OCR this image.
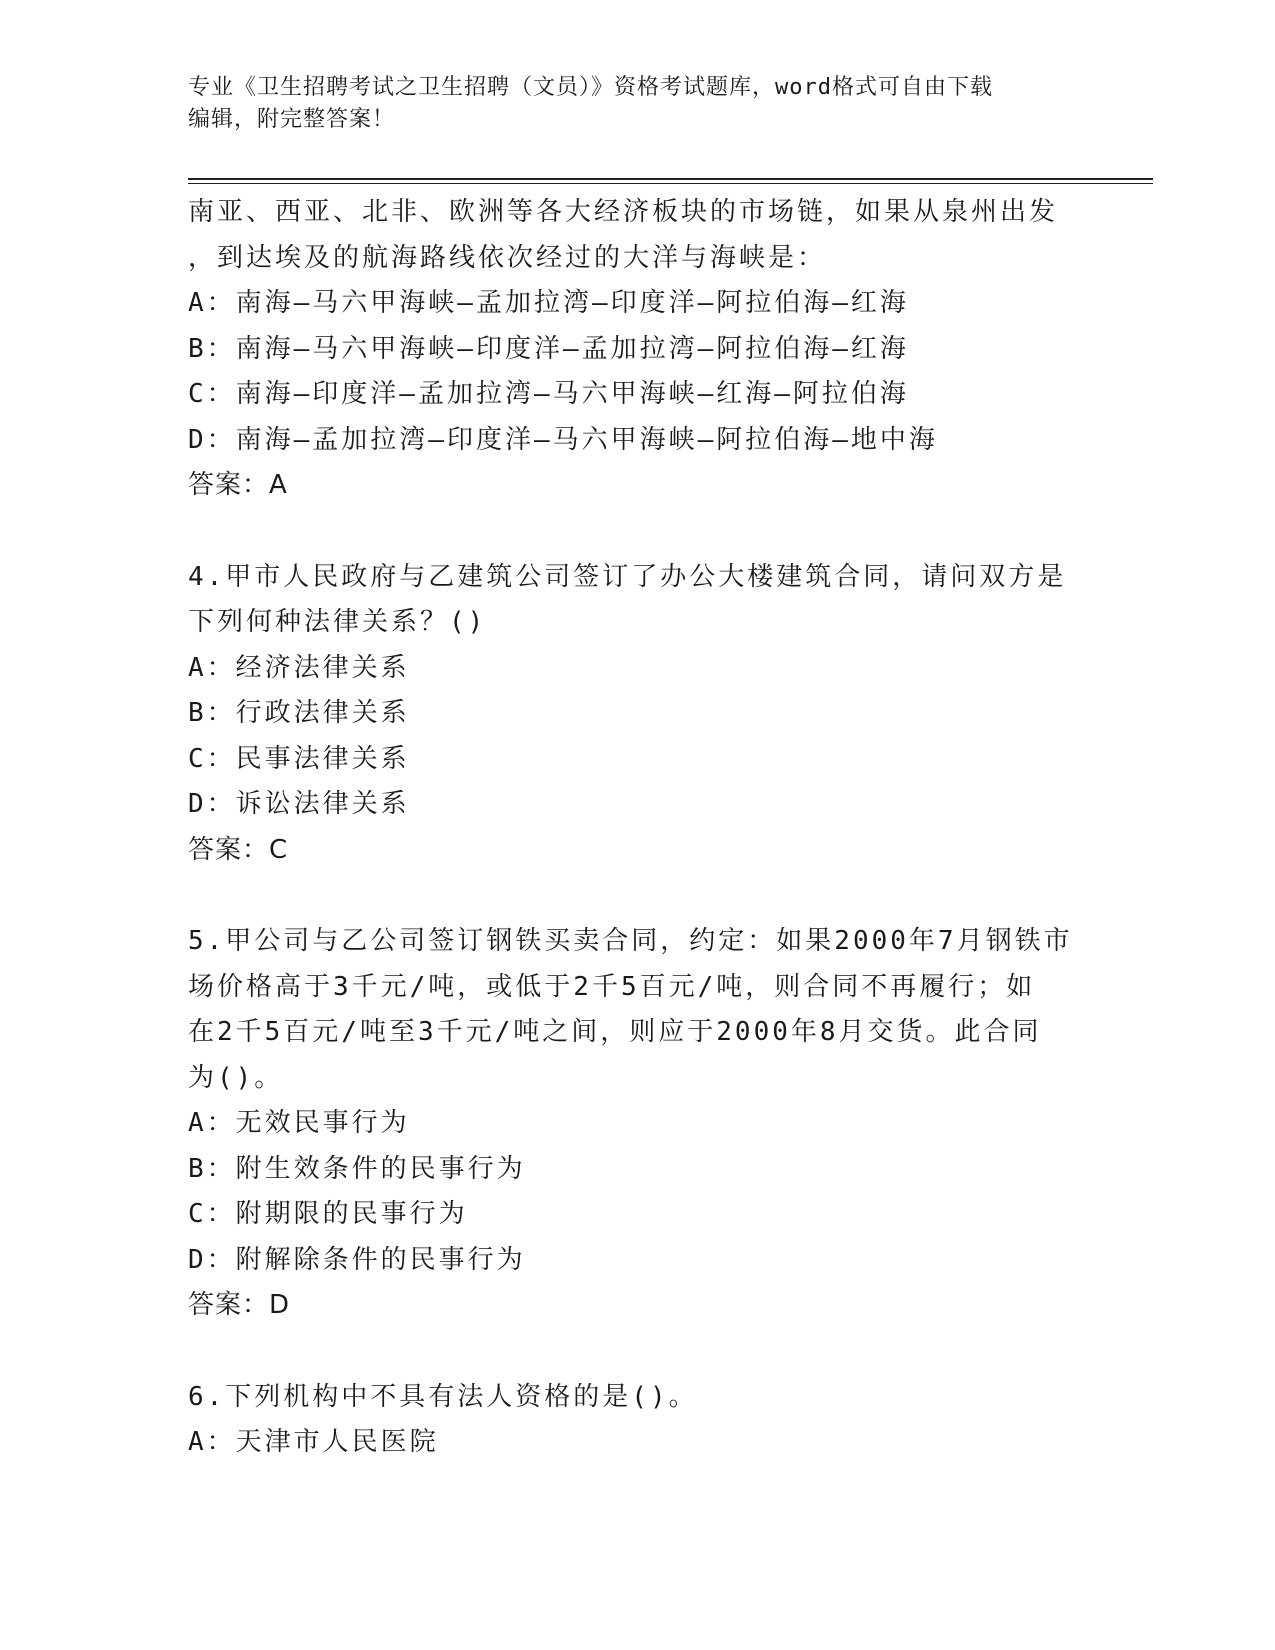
专业《卫生招聘考试之卫生招聘（文员）》资格考试题库，word格式可自由下载
编辑，附完整答案！
南亚、西亚、北非、欧洲等各大经济板块的市场链，如果从泉州出发
，到达埃及的航海路线依次经过的大洋与海峡是：
A：南海—马六甲海峡—孟加拉湾—印度洋—阿拉伯海—红海
B：南海—马六甲海峡—印度洋—孟加拉湾—阿拉伯海—红海
C：南海—印度洋—孟加拉湾—马六甲海峡—红海—阿拉伯海
D：南海—孟加拉湾—印度洋—马六甲海峡—阿拉伯海—地中海
答案：A
4.甲市人民政府与乙建筑公司签订了办公大楼建筑合同，请问双方是
下列何种法律关系？()
A：经济法律关系
B：行政法律关系
C：民事法律关系
D：诉讼法律关系
答案：C
5.甲公司与乙公司签订钢铁买卖合同，约定：如果2000年7月钢铁市
场价格高于3千元/吨，或低于2千5百元/吨，则合同不再履行；如
在2千5百元/吨至3千元/吨之间，则应于2000年8月交货。此合同
为()。
A：无效民事行为
B：附生效条件的民事行为
C：附期限的民事行为
D：附解除条件的民事行为
答案：D
6.下列机构中不具有法人资格的是()。
A：天津市人民医院
